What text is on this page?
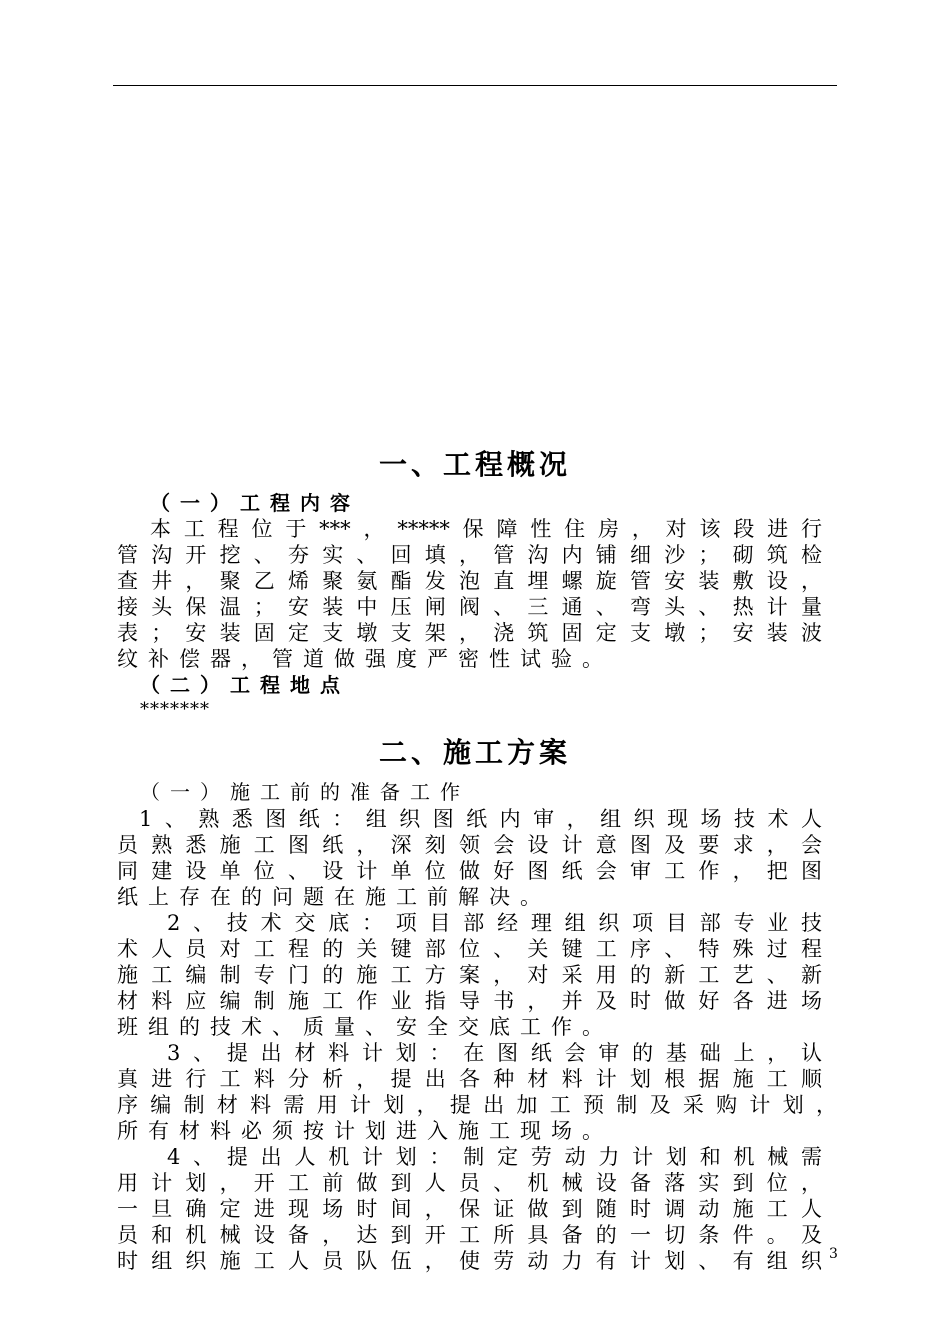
一、工程概况
（一）工程内容
本工程位于***，*****保障性住房，对该段进行
管沟开挖、夯实、回填，管沟内铺细沙；砌筑检
查井，聚乙烯聚氨酯发泡直埋螺旋管安装敷设，
接头保温；安装中压闸阀、三通、弯头、热计量
表；安装固定支墩支架，浇筑固定支墩；安装波
纹补偿器，管道做强度严密性试验。
（二）工程地点
*******
二、施工方案
（一）施工前的准备工作
1、熟悉图纸：组织图纸内审，组织现场技术人
员熟悉施工图纸，深刻领会设计意图及要求，会
同建设单位、设计单位做好图纸会审工作，把图
纸上存在的问题在施工前解决。
2、技术交底：项目部经理组织项目部专业技
术人员对工程的关键部位、关键工序、特殊过程
施工编制专门的施工方案，对采用的新工艺、新
材料应编制施工作业指导书，并及时做好各进场
班组的技术、质量、安全交底工作。
3、提出材料计划：在图纸会审的基础上，认
真进行工料分析，提出各种材料计划根据施工顺
序编制材料需用计划，提出加工预制及采购计划，
所有材料必须按计划进入施工现场。
4、提出人机计划：制定劳动力计划和机械需
用计划，开工前做到人员、机械设备落实到位，
一旦确定进现场时间，保证做到随时调动施工人
员和机械设备，达到开工所具备的一切条件。及
时组织施工人员队伍，使劳动力有计划、有组织 3
